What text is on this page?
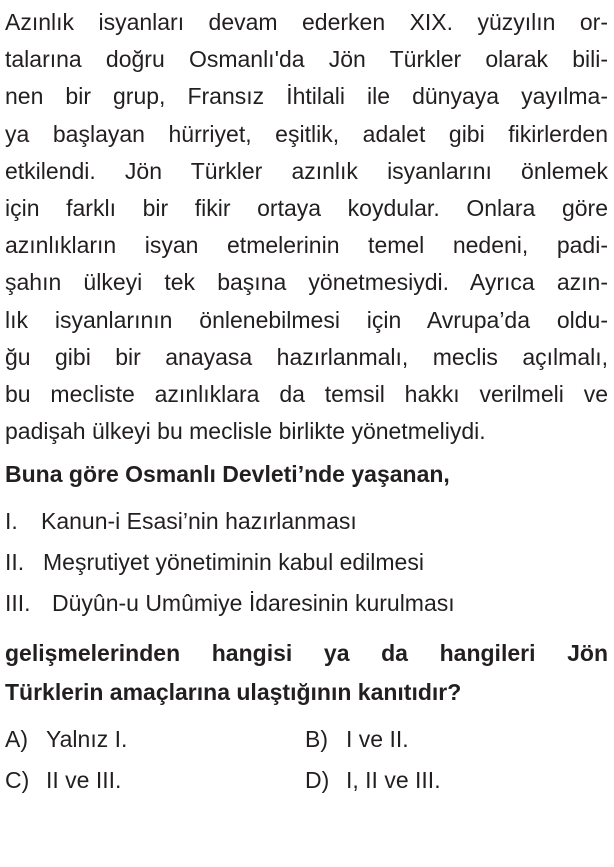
Azınlık isyanları devam ederken XIX. yüzyılın or-
talarına doğru Osmanlı'da Jön Türkler olarak bili-
nen bir grup, Fransız İhtilali ile dünyaya yayılma-
ya başlayan hürriyet, eşitlik, adalet gibi fikirlerden
etkilendi. Jön Türkler azınlık isyanlarını önlemek
için farklı bir fikir ortaya koydular. Onlara göre
azınlıkların isyan etmelerinin temel nedeni, padi-
şahın ülkeyi tek başına yönetmesiydi. Ayrıca azın-
lık isyanlarının önlenebilmesi için Avrupa’da oldu-
ğu gibi bir anayasa hazırlanmalı, meclis açılmalı,
bu mecliste azınlıklara da temsil hakkı verilmeli ve
padişah ülkeyi bu meclisle birlikte yönetmeliydi.

Buna göre Osmanlı Devleti’nde yaşanan,

I.	Kanun-i Esasi’nin hazırlanması
II. Meşrutiyet yönetiminin kabul edilmesi
III. Düyûn-u Umûmiye İdaresinin kurulması

gelişmelerinden hangisi ya da hangileri Jön
Türklerin amaçlarına ulaştığının kanıtıdır?

A) Yalnız I.	B) I ve II.
C) II ve III.	D) I, II ve III.
